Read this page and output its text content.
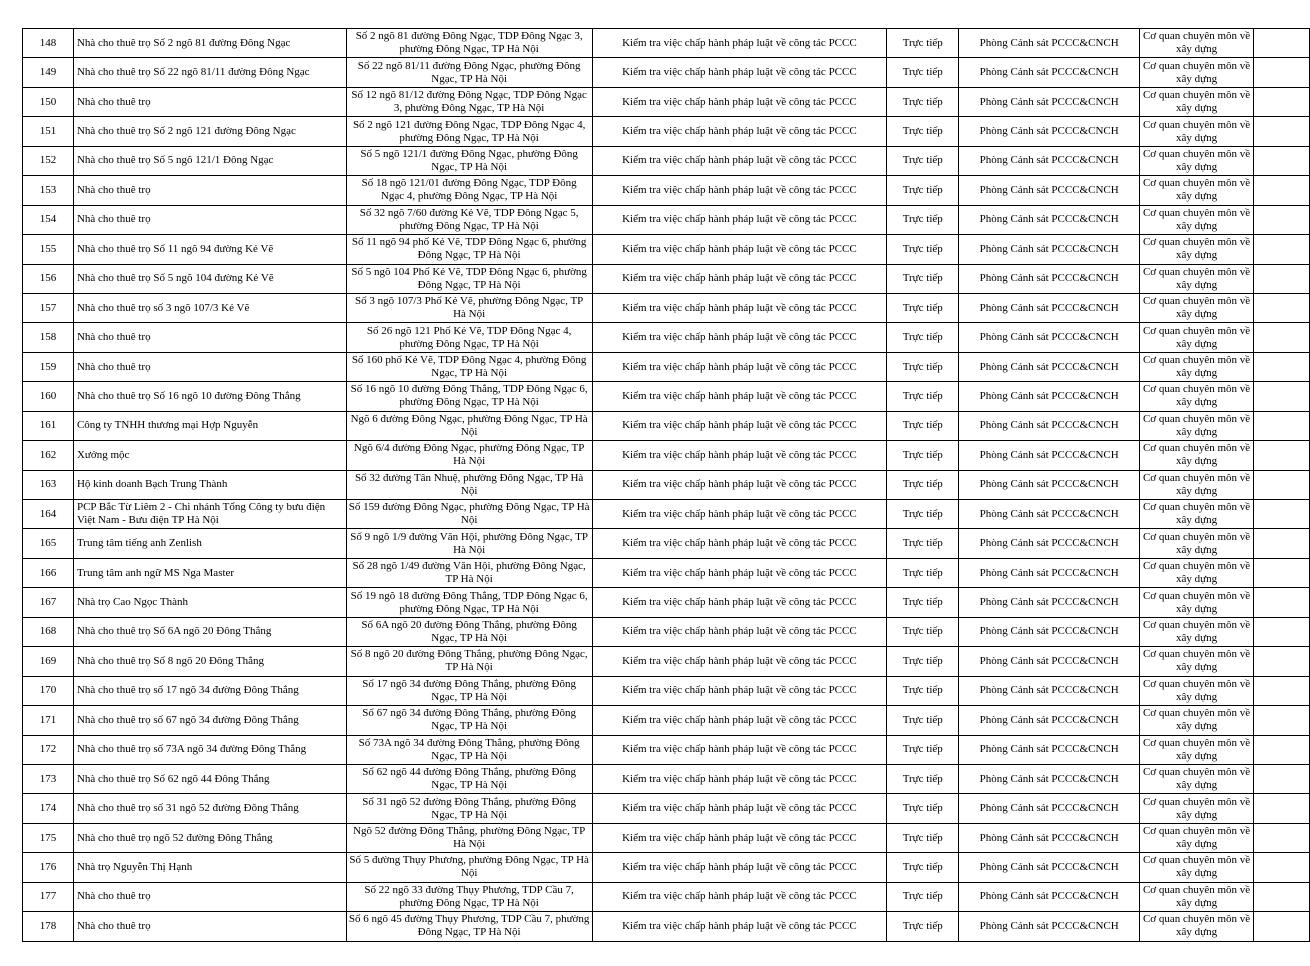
148	Nhà cho thuê trọ Số 2 ngõ 81 đường Đông Ngạc	Số 2 ngõ 81 đường Đông Ngạc, TDP Đông Ngạc 3, phường Đông Ngạc, TP Hà Nội	Kiểm tra việc chấp hành pháp luật về công tác PCCC	Trực tiếp	Phòng Cảnh sát PCCC&CNCH	Cơ quan chuyên môn về xây dựng	

149	Nhà cho thuê trọ Số 22 ngõ 81/11 đường Đông Ngạc	Số 22 ngõ 81/11 đường Đông Ngạc, phường Đông Ngạc, TP Hà Nội	Kiểm tra việc chấp hành pháp luật về công tác PCCC	Trực tiếp	Phòng Cảnh sát PCCC&CNCH	Cơ quan chuyên môn về xây dựng	

150	Nhà cho thuê trọ	Số 12 ngõ 81/12 đường Đông Ngạc, TDP Đông Ngạc 3, phường Đông Ngạc, TP Hà Nội	Kiểm tra việc chấp hành pháp luật về công tác PCCC	Trực tiếp	Phòng Cảnh sát PCCC&CNCH	Cơ quan chuyên môn về xây dựng	

151	Nhà cho thuê trọ Số 2 ngõ 121 đường Đông Ngạc	Số 2 ngõ 121 đường Đông Ngạc, TDP Đông Ngạc 4, phường Đông Ngạc, TP Hà Nội	Kiểm tra việc chấp hành pháp luật về công tác PCCC	Trực tiếp	Phòng Cảnh sát PCCC&CNCH	Cơ quan chuyên môn về xây dựng	

152	Nhà cho thuê trọ Số 5 ngõ 121/1 Đông Ngạc	Số 5 ngõ 121/1 đường Đông Ngạc, phường Đông Ngạc, TP Hà Nội	Kiểm tra việc chấp hành pháp luật về công tác PCCC	Trực tiếp	Phòng Cảnh sát PCCC&CNCH	Cơ quan chuyên môn về xây dựng	

153	Nhà cho thuê trọ	Số 18 ngõ 121/01 đường Đông Ngạc, TDP Đông Ngạc 4, phường Đông Ngạc, TP Hà Nội	Kiểm tra việc chấp hành pháp luật về công tác PCCC	Trực tiếp	Phòng Cảnh sát PCCC&CNCH	Cơ quan chuyên môn về xây dựng	

154	Nhà cho thuê trọ	Số 32 ngõ 7/60 đường Kẻ Vẽ, TDP Đông Ngạc 5, phường Đông Ngạc, TP Hà Nội	Kiểm tra việc chấp hành pháp luật về công tác PCCC	Trực tiếp	Phòng Cảnh sát PCCC&CNCH	Cơ quan chuyên môn về xây dựng	

155	Nhà cho thuê trọ Số 11 ngõ 94 đường Kẻ Vẽ	Số 11 ngõ 94 phố Kẻ Vẽ, TDP Đông Ngạc 6, phường Đông Ngạc, TP Hà Nội	Kiểm tra việc chấp hành pháp luật về công tác PCCC	Trực tiếp	Phòng Cảnh sát PCCC&CNCH	Cơ quan chuyên môn về xây dựng	

156	Nhà cho thuê trọ Số 5 ngõ 104 đường Kẻ Vẽ	Số 5 ngõ 104 Phố Kẻ Vẽ, TDP Đông Ngạc 6, phường Đông Ngạc, TP Hà Nội	Kiểm tra việc chấp hành pháp luật về công tác PCCC	Trực tiếp	Phòng Cảnh sát PCCC&CNCH	Cơ quan chuyên môn về xây dựng	

157	Nhà cho thuê trọ số 3 ngõ 107/3 Kẻ Vẽ	Số 3 ngõ 107/3 Phố Kẻ Vẽ, phường Đông Ngạc, TP Hà Nội	Kiểm tra việc chấp hành pháp luật về công tác PCCC	Trực tiếp	Phòng Cảnh sát PCCC&CNCH	Cơ quan chuyên môn về xây dựng	

158	Nhà cho thuê trọ	Số 26 ngõ 121 Phố Kẻ Vẽ, TDP Đông Ngạc 4, phường Đông Ngạc, TP Hà Nội	Kiểm tra việc chấp hành pháp luật về công tác PCCC	Trực tiếp	Phòng Cảnh sát PCCC&CNCH	Cơ quan chuyên môn về xây dựng	

159	Nhà cho thuê trọ	Số 160 phố Kẻ Vẽ, TDP Đông Ngạc 4, phường Đông Ngạc, TP Hà Nội	Kiểm tra việc chấp hành pháp luật về công tác PCCC	Trực tiếp	Phòng Cảnh sát PCCC&CNCH	Cơ quan chuyên môn về xây dựng	

160	Nhà cho thuê trọ Số 16 ngõ 10 đường Đông Thắng	Số 16 ngõ 10 đường Đông Thắng, TDP Đông Ngạc 6, phường Đông Ngạc, TP Hà Nội	Kiểm tra việc chấp hành pháp luật về công tác PCCC	Trực tiếp	Phòng Cảnh sát PCCC&CNCH	Cơ quan chuyên môn về xây dựng	

161	Công ty TNHH thương mại Hợp Nguyễn	Ngõ 6 đường Đông Ngạc, phường Đông Ngạc, TP Hà Nội	Kiểm tra việc chấp hành pháp luật về công tác PCCC	Trực tiếp	Phòng Cảnh sát PCCC&CNCH	Cơ quan chuyên môn về xây dựng	

162	Xưởng mộc	Ngõ 6/4 đường Đông Ngạc, phường Đông Ngạc, TP Hà Nội	Kiểm tra việc chấp hành pháp luật về công tác PCCC	Trực tiếp	Phòng Cảnh sát PCCC&CNCH	Cơ quan chuyên môn về xây dựng	

163	Hộ kinh doanh Bạch Trung Thành	Số 32 đường Tân Nhuệ, phường Đông Ngạc, TP Hà Nội	Kiểm tra việc chấp hành pháp luật về công tác PCCC	Trực tiếp	Phòng Cảnh sát PCCC&CNCH	Cơ quan chuyên môn về xây dựng	

164	PCP Bắc Từ Liêm 2 - Chi nhánh Tổng Công ty bưu điện Việt Nam - Bưu điện TP Hà Nội	Số 159 đường Đông Ngạc, phường Đông Ngạc, TP Hà Nội	Kiểm tra việc chấp hành pháp luật về công tác PCCC	Trực tiếp	Phòng Cảnh sát PCCC&CNCH	Cơ quan chuyên môn về xây dựng	

165	Trung tâm tiếng anh Zenlish	Số 9 ngõ 1/9 đường Văn Hội, phường Đông Ngạc, TP Hà Nội	Kiểm tra việc chấp hành pháp luật về công tác PCCC	Trực tiếp	Phòng Cảnh sát PCCC&CNCH	Cơ quan chuyên môn về xây dựng	

166	Trung tâm anh ngữ MS Nga Master	Số 28 ngõ 1/49 đường Văn Hội, phường Đông Ngạc, TP Hà Nội	Kiểm tra việc chấp hành pháp luật về công tác PCCC	Trực tiếp	Phòng Cảnh sát PCCC&CNCH	Cơ quan chuyên môn về xây dựng	

167	Nhà trọ Cao Ngọc Thành	Số 19 ngõ 18 đường Đông Thắng, TDP Đông Ngạc 6, phường Đông Ngạc, TP Hà Nội	Kiểm tra việc chấp hành pháp luật về công tác PCCC	Trực tiếp	Phòng Cảnh sát PCCC&CNCH	Cơ quan chuyên môn về xây dựng	

168	Nhà cho thuê trọ Số 6A ngõ 20 Đông Thắng	Số 6A ngõ 20 đường Đông Thắng, phường Đông Ngạc, TP Hà Nội	Kiểm tra việc chấp hành pháp luật về công tác PCCC	Trực tiếp	Phòng Cảnh sát PCCC&CNCH	Cơ quan chuyên môn về xây dựng	

169	Nhà cho thuê trọ Số 8 ngõ 20 Đông Thắng	Số 8 ngõ 20 đường Đông Thắng, phường Đông Ngạc, TP Hà Nội	Kiểm tra việc chấp hành pháp luật về công tác PCCC	Trực tiếp	Phòng Cảnh sát PCCC&CNCH	Cơ quan chuyên môn về xây dựng	

170	Nhà cho thuê trọ số 17 ngõ 34 đường Đông Thắng	Số 17 ngõ 34 đường Đông Thắng, phường Đông Ngạc, TP Hà Nội	Kiểm tra việc chấp hành pháp luật về công tác PCCC	Trực tiếp	Phòng Cảnh sát PCCC&CNCH	Cơ quan chuyên môn về xây dựng	

171	Nhà cho thuê trọ số 67 ngõ 34 đường Đông Thắng	Số 67 ngõ 34 đường Đông Thắng, phường Đông Ngạc, TP Hà Nội	Kiểm tra việc chấp hành pháp luật về công tác PCCC	Trực tiếp	Phòng Cảnh sát PCCC&CNCH	Cơ quan chuyên môn về xây dựng	

172	Nhà cho thuê trọ số 73A ngõ 34 đường Đông Thắng	Số 73A ngõ 34 đường Đông Thắng, phường Đông Ngạc, TP Hà Nội	Kiểm tra việc chấp hành pháp luật về công tác PCCC	Trực tiếp	Phòng Cảnh sát PCCC&CNCH	Cơ quan chuyên môn về xây dựng	

173	Nhà cho thuê trọ Số 62 ngõ 44 Đông Thắng	Số 62 ngõ 44 đường Đông Thắng, phường Đông Ngạc, TP Hà Nội	Kiểm tra việc chấp hành pháp luật về công tác PCCC	Trực tiếp	Phòng Cảnh sát PCCC&CNCH	Cơ quan chuyên môn về xây dựng	

174	Nhà cho thuê trọ số 31 ngõ 52 đường Đông Thắng	Số 31 ngõ 52 đường Đông Thắng, phường Đông Ngạc, TP Hà Nội	Kiểm tra việc chấp hành pháp luật về công tác PCCC	Trực tiếp	Phòng Cảnh sát PCCC&CNCH	Cơ quan chuyên môn về xây dựng	

175	Nhà cho thuê trọ ngõ 52 đường Đông Thắng	Ngõ 52 đường Đông Thắng, phường Đông Ngạc, TP Hà Nội	Kiểm tra việc chấp hành pháp luật về công tác PCCC	Trực tiếp	Phòng Cảnh sát PCCC&CNCH	Cơ quan chuyên môn về xây dựng	

176	Nhà trọ Nguyễn Thị Hạnh	Số 5 đường Thụy Phương, phường Đông Ngạc, TP Hà Nội	Kiểm tra việc chấp hành pháp luật về công tác PCCC	Trực tiếp	Phòng Cảnh sát PCCC&CNCH	Cơ quan chuyên môn về xây dựng	

177	Nhà cho thuê trọ	Số 22 ngõ 33 đường Thụy Phương, TDP Cầu 7, phường Đông Ngạc, TP Hà Nội	Kiểm tra việc chấp hành pháp luật về công tác PCCC	Trực tiếp	Phòng Cảnh sát PCCC&CNCH	Cơ quan chuyên môn về xây dựng	

178	Nhà cho thuê trọ	Số 6 ngõ 45 đường Thụy Phương, TDP Cầu 7, phường Đông Ngạc, TP Hà Nội	Kiểm tra việc chấp hành pháp luật về công tác PCCC	Trực tiếp	Phòng Cảnh sát PCCC&CNCH	Cơ quan chuyên môn về xây dựng	
